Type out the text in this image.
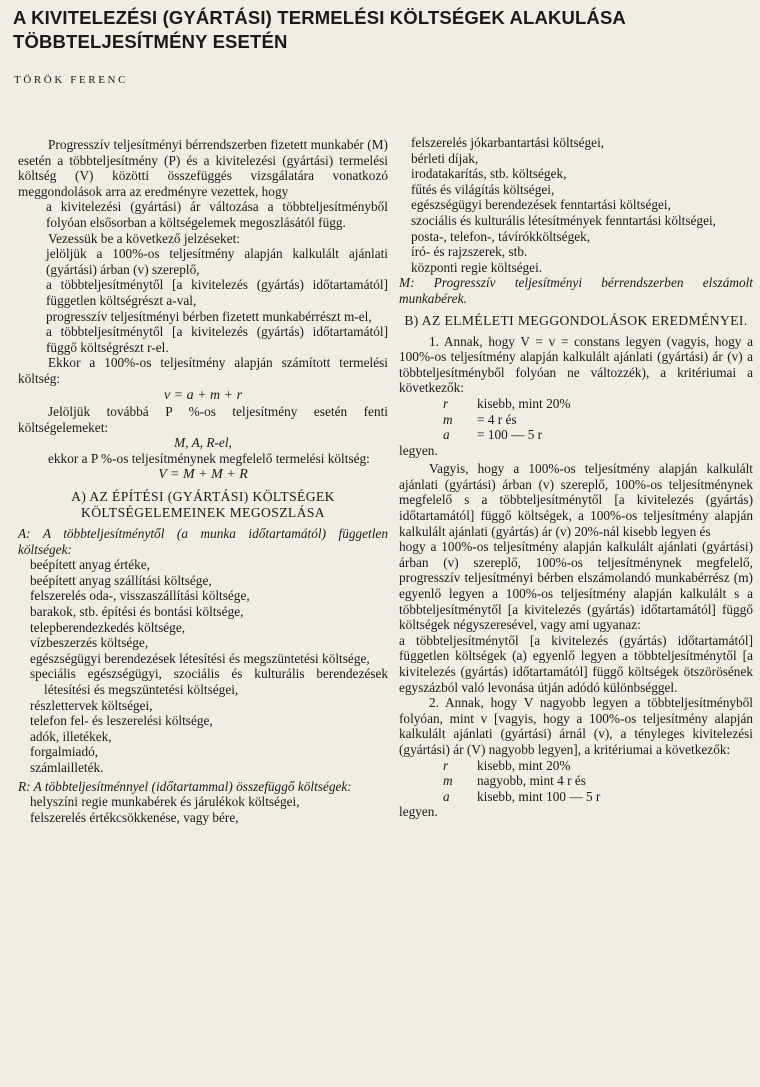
A KIVITELEZÉSI (GYÁRTÁSI) TERMELÉSI KÖLTSÉGEK ALAKULÁSA TÖBBTELJESÍTMÉNY ESETÉN

TÖRÖK FERENC

Progresszív teljesítményi bérrendszerben fizetett munkabér (M) esetén a többteljesítmény (P) és a kivitelezési (gyártási) termelési költség (V) közötti összefüggés vizsgálatára vonatkozó meggondolások arra az eredményre vezettek, hogy

a kivitelezési (gyártási) ár változása a többteljesítményből folyóan elsősorban a költségelemek megoszlásától függ.

Vezessük be a következő jelzéseket:

jelöljük a 100%-os teljesítmény alapján kalkulált ajánlati (gyártási) árban (v) szereplő,

a többteljesítménytől [a kivitelezés (gyártás) időtartamától] független költségrészt a-val,

progresszív teljesítményi bérben fizetett munkabérrészt m-el,

a többteljesítménytől [a kivitelezés (gyártás) időtartamától] függő költségrészt r-el.

Ekkor a 100%-os teljesítmény alapján számított termelési költség:

v = a + m + r

Jelöljük továbbá P %-os teljesítmény esetén fenti költségelemeket:

M, A, R-el,

ekkor a P %-os teljesítménynek megfelelő termelési költség:

V = M + M + R

A) AZ ÉPÍTÉSI (GYÁRTÁSI) KÖLTSÉGEK KÖLTSÉGELEMEINEK MEGOSZLÁSA

A: A többteljesítménytől (a munka időtartamától) független költségek:

beépített anyag értéke,

beépített anyag szállítási költsége,

felszerelés oda-, visszaszállítási költsége,

barakok, stb. építési és bontási költsége,

telepberendezkedés költsége,

vízbeszerzés költsége,

egészségügyi berendezések létesítési és megszüntetési költsége,

speciális egészségügyi, szociális és kulturális berendezések létesítési és megszüntetési költségei,

részlettervek költségei,

telefon fel- és leszerelési költsége,

adók, illetékek,

forgalmiadó,

számlailleték.

R: A többteljesítménnyel (időtartammal) összefüggő költségek:

helyszíni regie munkabérek és járulékok költségei,

felszerelés értékcsökkenése, vagy bére,

felszerelés jókarbantartási költségei,

bérleti díjak,

irodatakarítás, stb. költségek,

fűtés és világítás költségei,

egészségügyi berendezések fenntartási költségei,

szociális és kulturális létesítmények fenntartási költségei,

posta-, telefon-, távírókköltségek,

író- és rajzszerek, stb.

központi regie költségei.

M: Progresszív teljesítményi bérrendszerben elszámolt munkabérek.

B) AZ ELMÉLETI MEGGONDOLÁSOK EREDMÉNYEI.

1. Annak, hogy V = v = constans legyen (vagyis, hogy a 100%-os teljesítmény alapján kalkulált ajánlati (gyártási) ár (v) a többteljesítményből folyóan ne változzék), a kritériumai a következők:

r	kisebb, mint 20%
m	= 4 r és
a	= 100 — 5 r

legyen.

Vagyis, hogy a 100%-os teljesítmény alapján kalkulált ajánlati (gyártási) árban (v) szereplő, 100%-os teljesítménynek megfelelő s a többteljesítménytől [a kivitelezés (gyártás) időtartamától] függő költségek, a 100%-os teljesítmény alapján kalkulált ajánlati (gyártás) ár (v) 20%-nál kisebb legyen és

hogy a 100%-os teljesítmény alapján kalkulált ajánlati (gyártási) árban (v) szereplő, 100%-os teljesítménynek megfelelő, progresszív teljesítményi bérben elszámolandó munkabérrész (m) egyenlő legyen a 100%-os teljesítmény alapján kalkulált s a többteljesítménytől [a kivitelezés (gyártás) időtartamától] függő költségek négyszeresével, vagy ami ugyanaz:

a többteljesítménytől [a kivitelezés (gyártás) időtartamától] független költségek (a) egyenlő legyen a többteljesítménytől [a kivitelezés (gyártás) időtartamától] függő költségek ötszörösének egyszázból való levonása útján adódó különbséggel.

2. Annak, hogy V nagyobb legyen a többteljesítményből folyóan, mint v [vagyis, hogy a 100%-os teljesítmény alapján kalkulált ajánlati (gyártási) árnál (v), a tényleges kivitelezési (gyártási) ár (V) nagyobb legyen], a kritériumai a következők:

r	kisebb, mint 20%
m	nagyobb, mint 4 r és
a	kisebb, mint 100 — 5 r

legyen.
